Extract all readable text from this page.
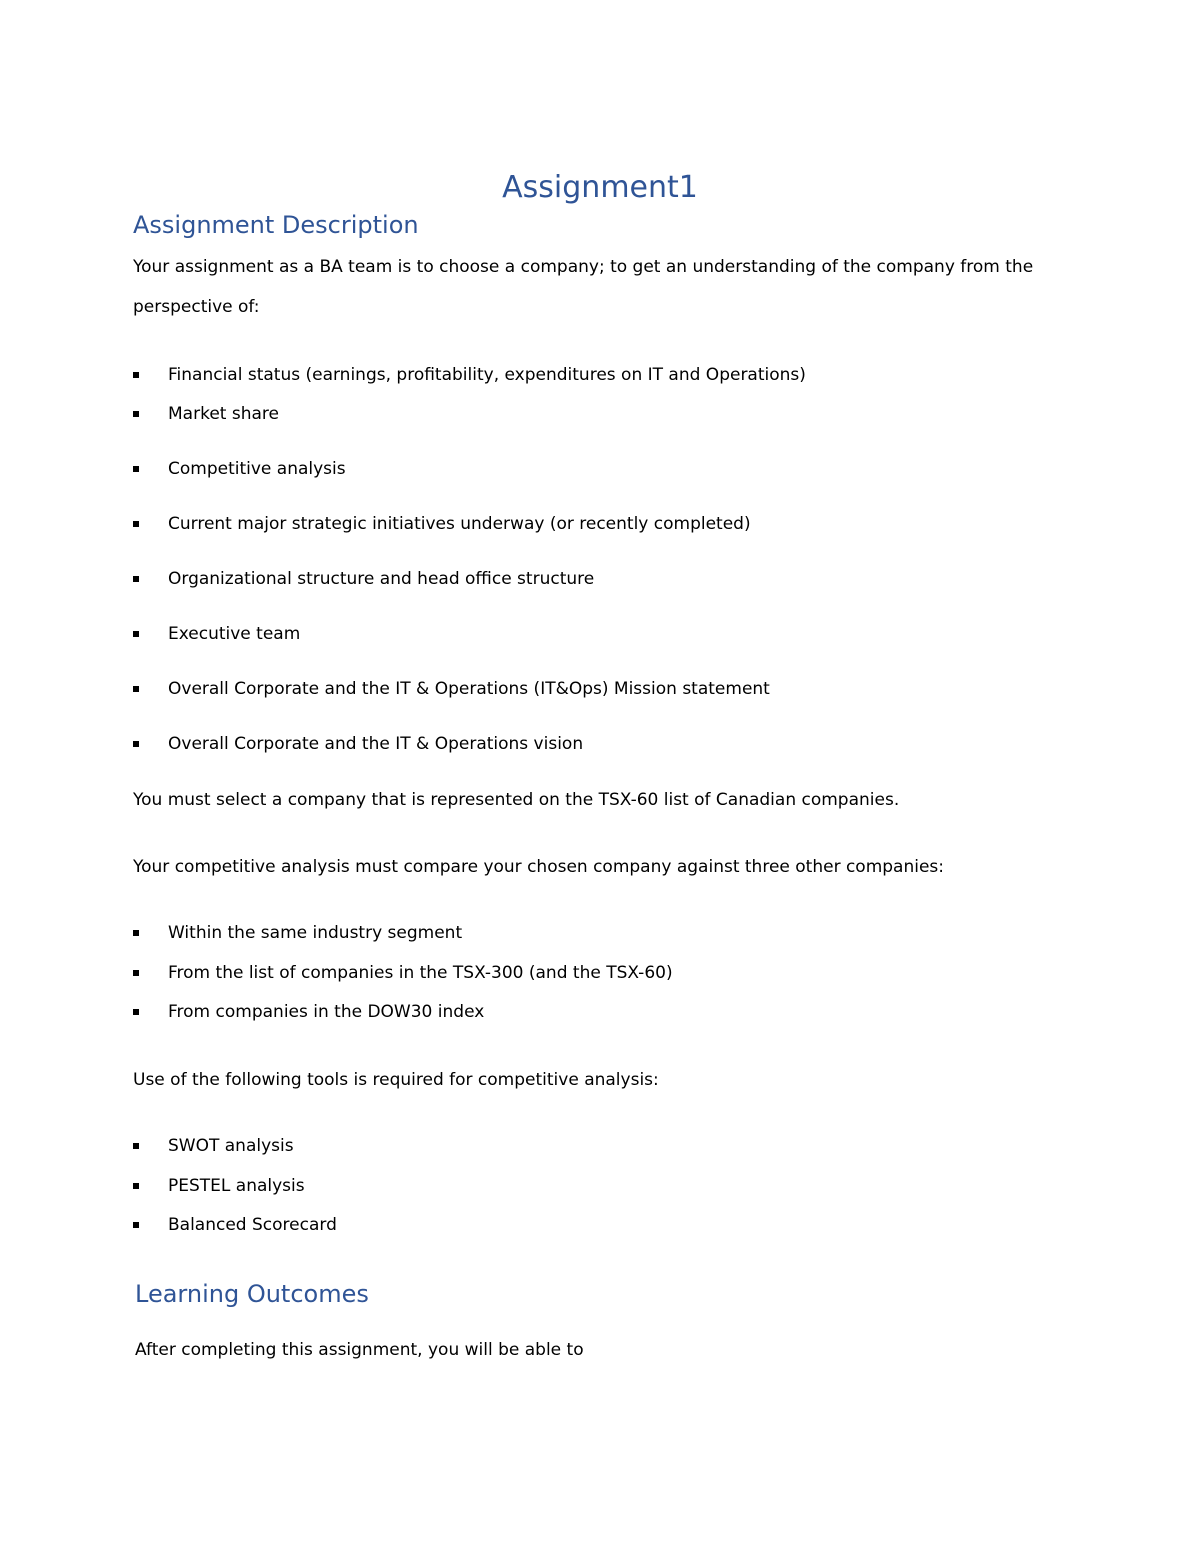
Assignment1
Assignment Description
Your assignment as a BA team is to choose a company; to get an understanding of the company from the
perspective of:
Financial status (earnings, profitability, expenditures on IT and Operations)
Market share
Competitive analysis
Current major strategic initiatives underway (or recently completed)
Organizational structure and head office structure
Executive team
Overall Corporate and the IT & Operations (IT&Ops) Mission statement
Overall Corporate and the IT & Operations vision
You must select a company that is represented on the TSX-60 list of Canadian companies.
Your competitive analysis must compare your chosen company against three other companies:
Within the same industry segment
From the list of companies in the TSX-300 (and the TSX-60)
From companies in the DOW30 index
Use of the following tools is required for competitive analysis:
SWOT analysis
PESTEL analysis
Balanced Scorecard
Learning Outcomes
After completing this assignment, you will be able to
